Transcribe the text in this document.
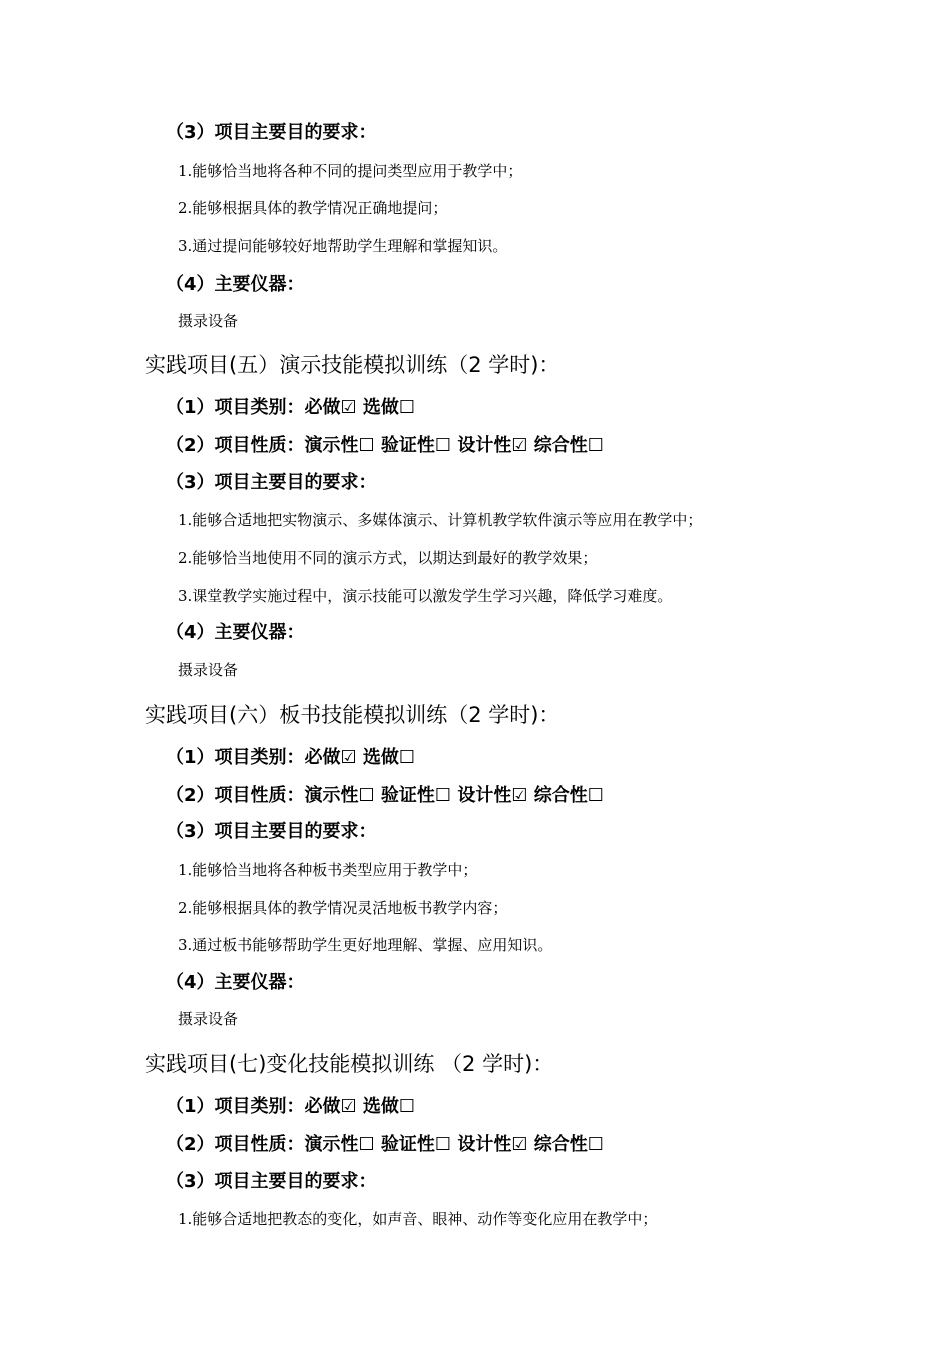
（3）项目主要目的要求：
1.能够恰当地将各种不同的提问类型应用于教学中；
2.能够根据具体的教学情况正确地提问；
3.通过提问能够较好地帮助学生理解和掌握知识。
（4）主要仪器：
摄录设备
实践项目(五）演示技能模拟训练（2 学时)：
（1）项目类别：必做☑ 选做☐
（2）项目性质：演示性☐ 验证性☐ 设计性☑ 综合性☐
（3）项目主要目的要求：
1.能够合适地把实物演示、多媒体演示、计算机教学软件演示等应用在教学中；
2.能够恰当地使用不同的演示方式，以期达到最好的教学效果；
3.课堂教学实施过程中，演示技能可以激发学生学习兴趣，降低学习难度。
（4）主要仪器：
摄录设备
实践项目(六）板书技能模拟训练（2 学时)：
（1）项目类别：必做☑ 选做☐
（2）项目性质：演示性☐ 验证性☐ 设计性☑ 综合性☐
（3）项目主要目的要求：
1.能够恰当地将各种板书类型应用于教学中；
2.能够根据具体的教学情况灵活地板书教学内容；
3.通过板书能够帮助学生更好地理解、掌握、应用知识。
（4）主要仪器：
摄录设备
实践项目(七)变化技能模拟训练 （2 学时)：
（1）项目类别：必做☑ 选做☐
（2）项目性质：演示性☐ 验证性☐ 设计性☑ 综合性☐
（3）项目主要目的要求：
1.能够合适地把教态的变化，如声音、眼神、动作等变化应用在教学中；
